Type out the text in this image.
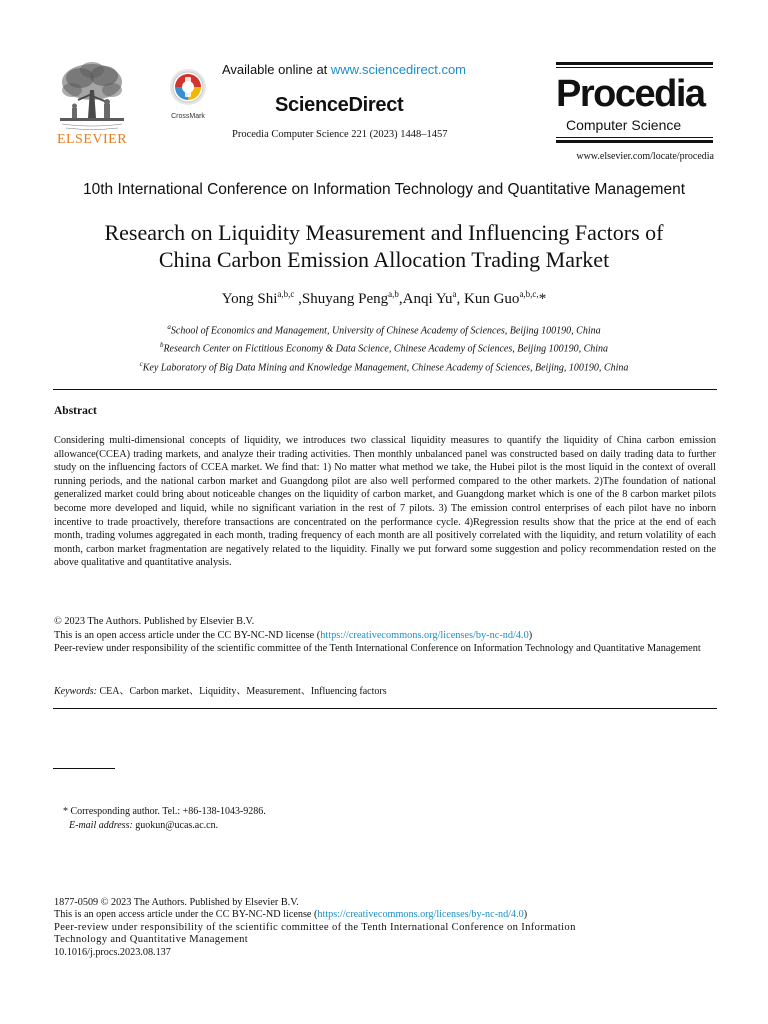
ELSEVIER
CrossMark
Available online at www.sciencedirect.com
ScienceDirect
Procedia Computer Science 221 (2023) 1448–1457
Procedia
Computer Science
www.elsevier.com/locate/procedia
10th International Conference on Information Technology and Quantitative Management
Research on Liquidity Measurement and Influencing Factors of
China Carbon Emission Allocation Trading Market
Yong Shi$^{a,b,c}$ ,Shuyang Peng$^{a,b}$,Anqi Yu$^a$, Kun Guo$^{a,b,c,}$*
$^a$School of Economics and Management, University of Chinese Academy of Sciences, Beijing 100190, China
$^b$Research Center on Fictitious Economy & Data Science, Chinese Academy of Sciences, Beijing 100190, China
$^c$Key Laboratory of Big Data Mining and Knowledge Management, Chinese Academy of Sciences, Beijing, 100190, China
Abstract
Considering multi-dimensional concepts of liquidity, we introduces two classical liquidity measures to quantify the liquidity of China carbon emission allowance(CCEA) trading markets, and analyze their trading activities. Then monthly unbalanced panel was constructed based on daily trading data to further study on the influencing factors of CCEA market. We find that: 1) No matter what method we take, the Hubei pilot is the most liquid in the context of overall running periods, and the national carbon market and Guangdong pilot are also well performed compared to the other markets. 2)The foundation of national generalized market could bring about noticeable changes on the liquidity of carbon market, and Guangdong market which is one of the 8 carbon market pilots become more developed and liquid, while no significant variation in the rest of 7 pilots. 3) The emission control enterprises of each pilot have no inborn incentive to trade proactively, therefore transactions are concentrated on the performance cycle. 4)Regression results show that the price at the end of each month, trading volumes aggregated in each month, trading frequency of each month are all positively correlated with the liquidity, and return volatility of each month, carbon market fragmentation are negatively related to the liquidity. Finally we put forward some suggestion and policy recommendation rested on the above qualitative and quantitative analysis.
© 2023 The Authors. Published by Elsevier B.V.
This is an open access article under the CC BY-NC-ND license (https://creativecommons.org/licenses/by-nc-nd/4.0)
Peer-review under responsibility of the scientific committee of the Tenth International Conference on Information Technology and Quantitative Management
Keywords: CEA、Carbon market、Liquidity、Measurement、Influencing factors
* Corresponding author. Tel.: +86-138-1043-9286.
E-mail address: guokun@ucas.ac.cn.
1877-0509 © 2023 The Authors. Published by Elsevier B.V.
This is an open access article under the CC BY-NC-ND license (https://creativecommons.org/licenses/by-nc-nd/4.0)
Peer-review under responsibility of the scientific committee of the Tenth International Conference on Information
Technology and Quantitative Management
10.1016/j.procs.2023.08.137
